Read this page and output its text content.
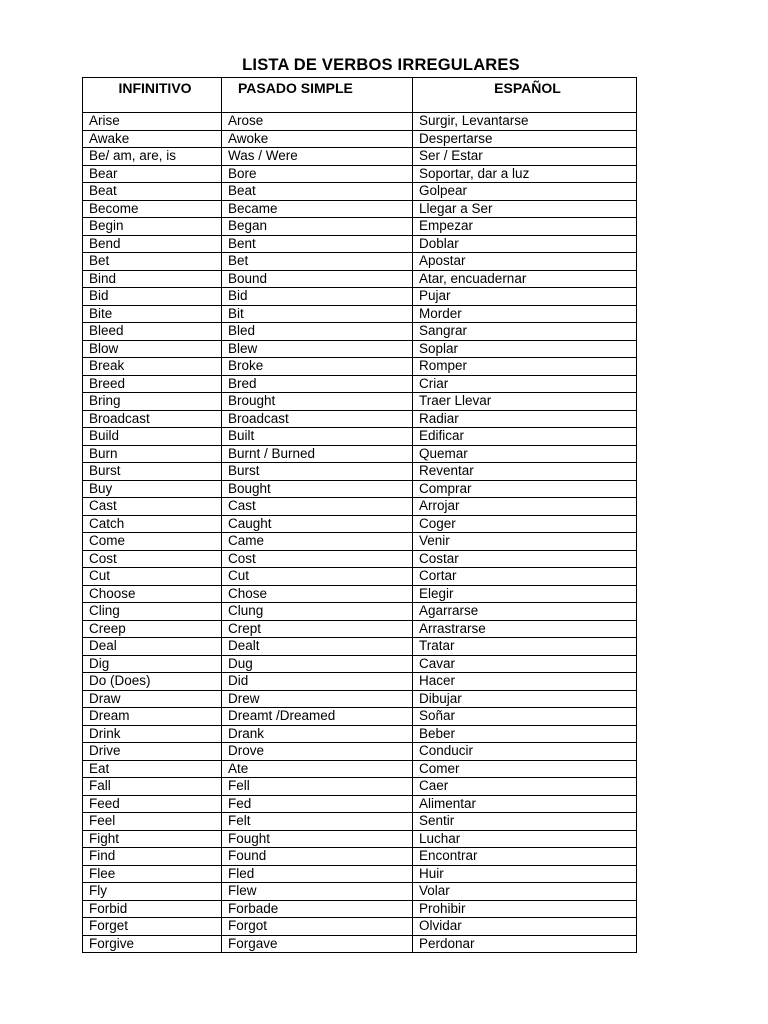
LISTA DE VERBOS IRREGULARES
INFINITIVO	PASADO SIMPLE	ESPAÑOL
Arise	Arose	Surgir, Levantarse
Awake	Awoke	Despertarse
Be/ am, are, is	Was / Were	Ser / Estar
Bear	Bore	Soportar, dar a luz
Beat	Beat	Golpear
Become	Became	Llegar a Ser
Begin	Began	Empezar
Bend	Bent	Doblar
Bet	Bet	Apostar
Bind	Bound	Atar, encuadernar
Bid	Bid	Pujar
Bite	Bit	Morder
Bleed	Bled	Sangrar
Blow	Blew	Soplar
Break	Broke	Romper
Breed	Bred	Criar
Bring	Brought	Traer Llevar
Broadcast	Broadcast	Radiar
Build	Built	Edificar
Burn	Burnt / Burned	Quemar
Burst	Burst	Reventar
Buy	Bought	Comprar
Cast	Cast	Arrojar
Catch	Caught	Coger
Come	Came	Venir
Cost	Cost	Costar
Cut	Cut	Cortar
Choose	Chose	Elegir
Cling	Clung	Agarrarse
Creep	Crept	Arrastrarse
Deal	Dealt	Tratar
Dig	Dug	Cavar
Do (Does)	Did	Hacer
Draw	Drew	Dibujar
Dream	Dreamt /Dreamed	Soñar
Drink	Drank	Beber
Drive	Drove	Conducir
Eat	Ate	Comer
Fall	Fell	Caer
Feed	Fed	Alimentar
Feel	Felt	Sentir
Fight	Fought	Luchar
Find	Found	Encontrar
Flee	Fled	Huir
Fly	Flew	Volar
Forbid	Forbade	Prohibir
Forget	Forgot	Olvidar
Forgive	Forgave	Perdonar
